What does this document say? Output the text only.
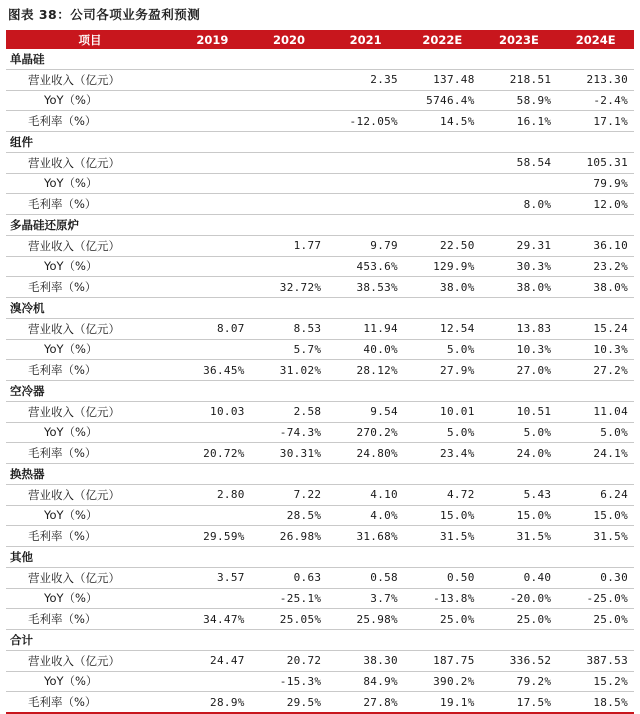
图表 38：公司各项业务盈利预测
项目	2019	2020	2021	2022E	2023E	2024E
单晶硅						
营业收入（亿元）			2.35	137.48	218.51	213.30
YoY（%）				5746.4%	58.9%	-2.4%
毛利率（%）			-12.05%	14.5%	16.1%	17.1%
组件						
营业收入（亿元）					58.54	105.31
YoY（%）						79.9%
毛利率（%）					8.0%	12.0%
多晶硅还原炉						
营业收入（亿元）		1.77	9.79	22.50	29.31	36.10
YoY（%）			453.6%	129.9%	30.3%	23.2%
毛利率（%）		32.72%	38.53%	38.0%	38.0%	38.0%
溴冷机						
营业收入（亿元）	8.07	8.53	11.94	12.54	13.83	15.24
YoY（%）		5.7%	40.0%	5.0%	10.3%	10.3%
毛利率（%）	36.45%	31.02%	28.12%	27.9%	27.0%	27.2%
空冷器						
营业收入（亿元）	10.03	2.58	9.54	10.01	10.51	11.04
YoY（%）		-74.3%	270.2%	5.0%	5.0%	5.0%
毛利率（%）	20.72%	30.31%	24.80%	23.4%	24.0%	24.1%
换热器						
营业收入（亿元）	2.80	7.22	4.10	4.72	5.43	6.24
YoY（%）		28.5%	4.0%	15.0%	15.0%	15.0%
毛利率（%）	29.59%	26.98%	31.68%	31.5%	31.5%	31.5%
其他						
营业收入（亿元）	3.57	0.63	0.58	0.50	0.40	0.30
YoY（%）		-25.1%	3.7%	-13.8%	-20.0%	-25.0%
毛利率（%）	34.47%	25.05%	25.98%	25.0%	25.0%	25.0%
合计						
营业收入（亿元）	24.47	20.72	38.30	187.75	336.52	387.53
YoY（%）		-15.3%	84.9%	390.2%	79.2%	15.2%
毛利率（%）	28.9%	29.5%	27.8%	19.1%	17.5%	18.5%
